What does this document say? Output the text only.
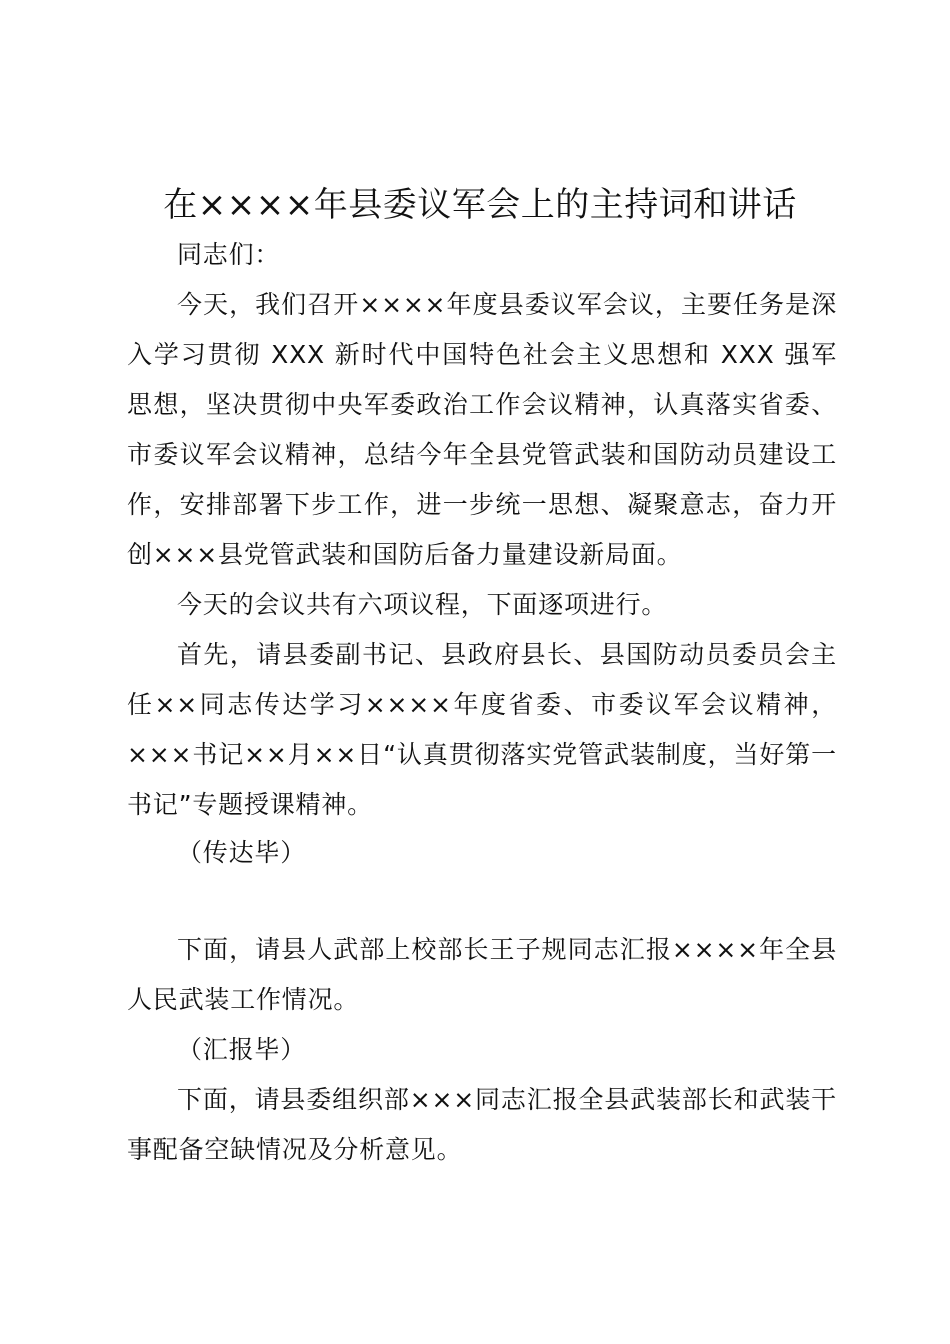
在××××年县委议军会上的主持词和讲话

同志们：

今天，我们召开××××年度县委议军会议，主要任务是深入学习贯彻 XXX 新时代中国特色社会主义思想和 XXX 强军思想，坚决贯彻中央军委政治工作会议精神，认真落实省委、市委议军会议精神，总结今年全县党管武装和国防动员建设工作，安排部署下步工作，进一步统一思想、凝聚意志，奋力开创×××县党管武装和国防后备力量建设新局面。

今天的会议共有六项议程，下面逐项进行。

首先，请县委副书记、县政府县长、县国防动员委员会主任××同志传达学习××××年度省委、市委议军会议精神，×××书记××月××日“认真贯彻落实党管武装制度，当好第一书记”专题授课精神。

（传达毕）

下面，请县人武部上校部长王子规同志汇报××××年全县人民武装工作情况。

（汇报毕）

下面，请县委组织部×××同志汇报全县武装部长和武装干事配备空缺情况及分析意见。
